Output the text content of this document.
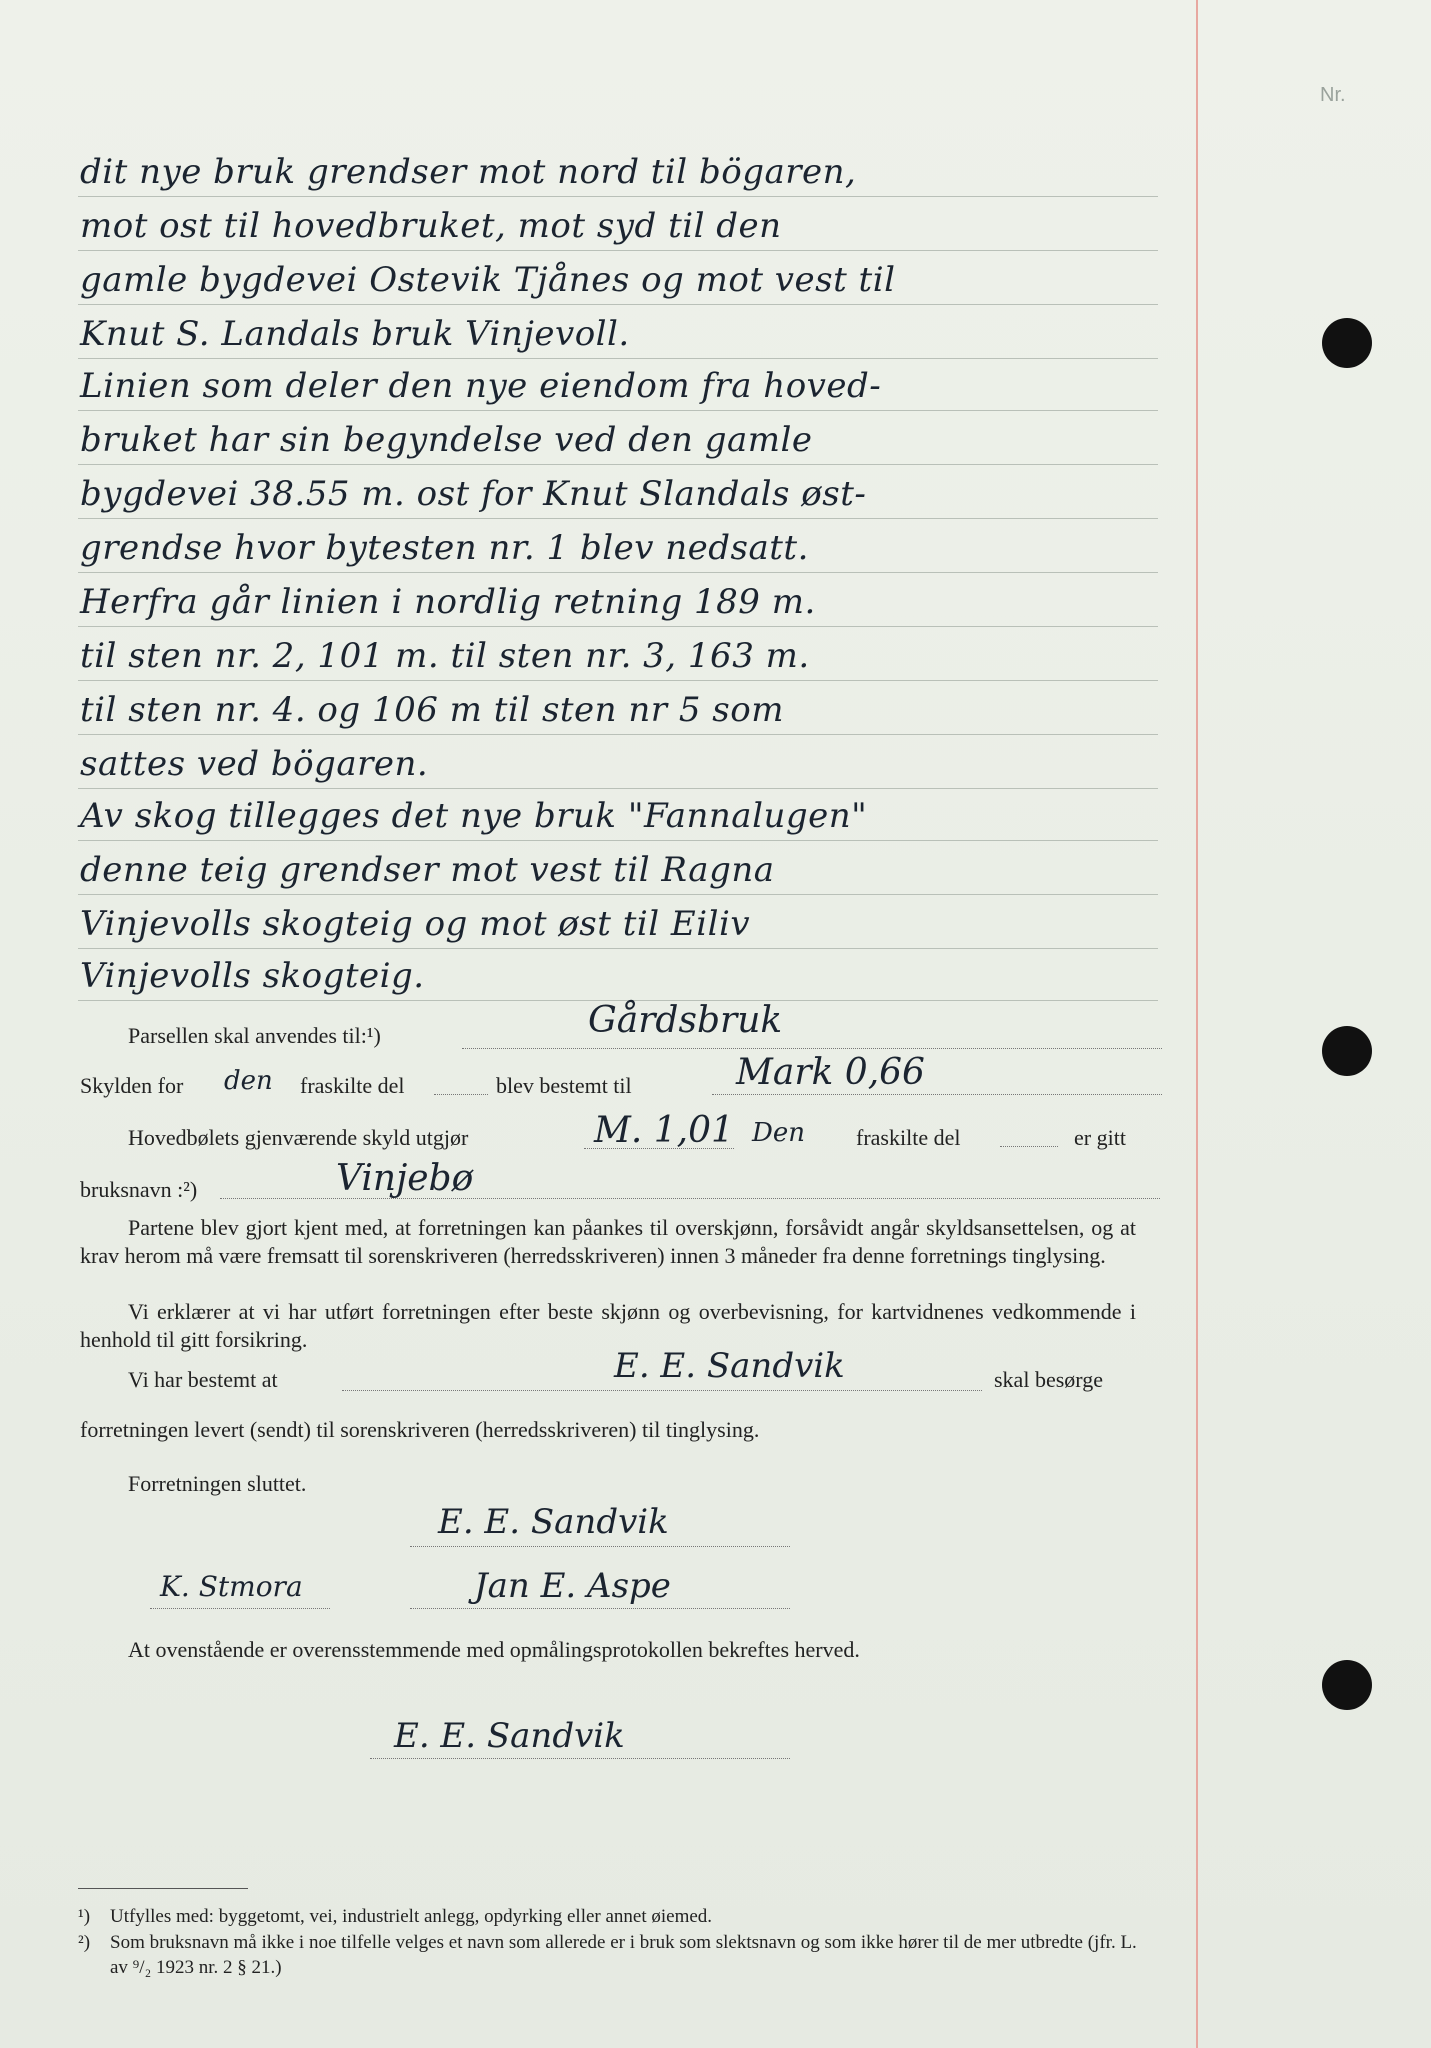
Nr.
dit nye bruk grendser mot nord til bögaren,
mot ost til hovedbruket, mot syd til den
gamle bygdevei Ostevik Tjånes og mot vest til
Knut S. Landals bruk Vinjevoll.
Linien som deler den nye eiendom fra hoved-
bruket har sin begyndelse ved den gamle
bygdevei 38.55 m. ost for Knut Slandals øst-
grendse hvor bytesten nr. 1 blev nedsatt.
Herfra går linien i nordlig retning 189 m.
til sten nr. 2, 101 m. til sten nr. 3, 163 m.
til sten nr. 4. og 106 m til sten nr 5 som
sattes ved bögaren.
Av skog tillegges det nye bruk "Fannalugen"
denne teig grendser mot vest til Ragna
Vinjevolls skogteig og mot øst til Eiliv
Vinjevolls skogteig.
Parsellen skal anvendes til:¹)	Gårdsbruk
Skylden for den fraskilte del	blev bestemt til	Mark 0,66
Hovedbølets gjenværende skyld utgjør	M. 1,01 Den fraskilte del	er gitt
bruksnavn :²)	Vinjebø
Partene blev gjort kjent med, at forretningen kan påankes til overskjønn, forsåvidt angår skyldsansettelsen, og at krav herom må være fremsatt til sorenskriveren (herredsskriveren) innen 3 måneder fra denne forretnings tinglysing.
Vi erklærer at vi har utført forretningen efter beste skjønn og overbevisning, for kartvidnenes vedkommende i henhold til gitt forsikring.
Vi har bestemt at	E. E. Sandvik	skal besørge
forretningen levert (sendt) til sorenskriveren (herredsskriveren) til tinglysing.
Forretningen sluttet.
E. E. Sandvik
K. Stmora	Jan E. Aspe
At ovenstående er overensstemmende med opmålingsprotokollen bekreftes herved.
E. E. Sandvik
¹) Utfylles med: byggetomt, vei, industrielt anlegg, opdyrking eller annet øiemed.
²) Som bruksnavn må ikke i noe tilfelle velges et navn som allerede er i bruk som slektsnavn og som ikke hører til de mer utbredte (jfr. L. av ⁹/₂ 1923 nr. 2 § 21.)
